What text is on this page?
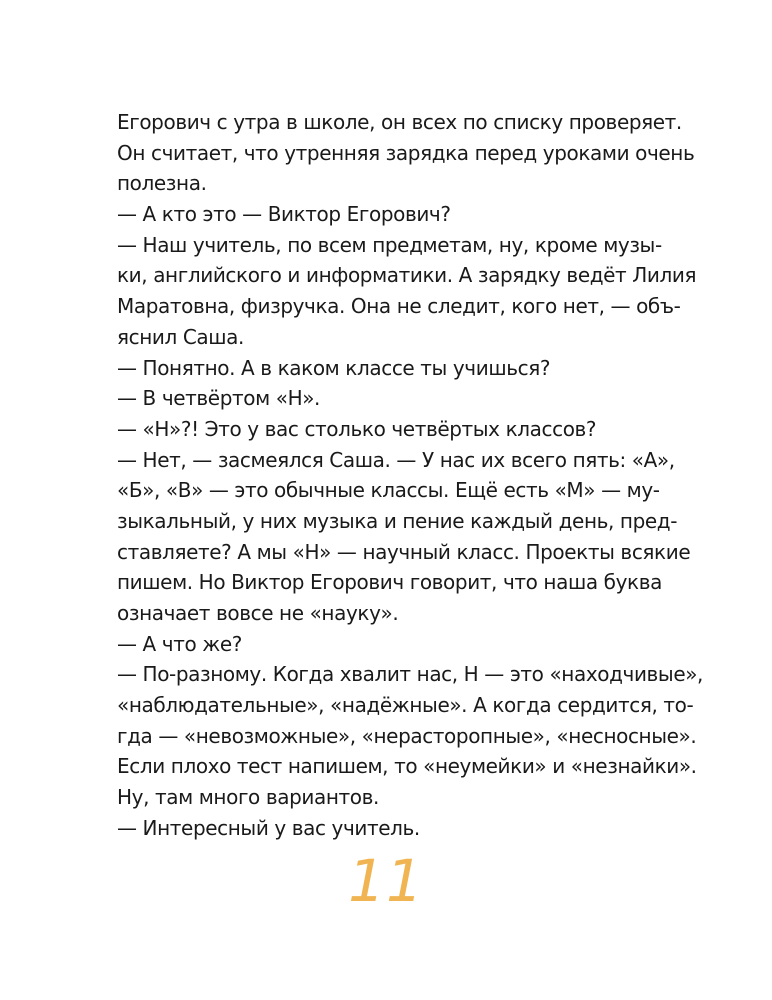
Егорович с утра в школе, он всех по списку проверяет.
Он считает, что утренняя зарядка перед уроками очень
полезна.
— А кто это — Виктор Егорович?
— Наш учитель, по всем предметам, ну, кроме музы-
ки, английского и информатики. А зарядку ведёт Лилия
Маратовна, физручка. Она не следит, кого нет, — объ-
яснил Саша.
— Понятно. А в каком классе ты учишься?
— В четвёртом «Н».
— «Н»?! Это у вас столько четвёртых классов?
— Нет, — засмеялся Саша. — У нас их всего пять: «А»,
«Б», «В» — это обычные классы. Ещё есть «М» — му-
зыкальный, у них музыка и пение каждый день, пред-
ставляете? А мы «Н» — научный класс. Проекты всякие
пишем. Но Виктор Егорович говорит, что наша буква
означает вовсе не «науку».
— А что же?
— По-разному. Когда хвалит нас, Н — это «находчивые»,
«наблюдательные», «надёжные». А когда сердится, то-
гда — «невозможные», «нерасторопные», «несносные».
Если плохо тест напишем, то «неумейки» и «незнайки».
Ну, там много вариантов.
— Интересный у вас учитель.
11
